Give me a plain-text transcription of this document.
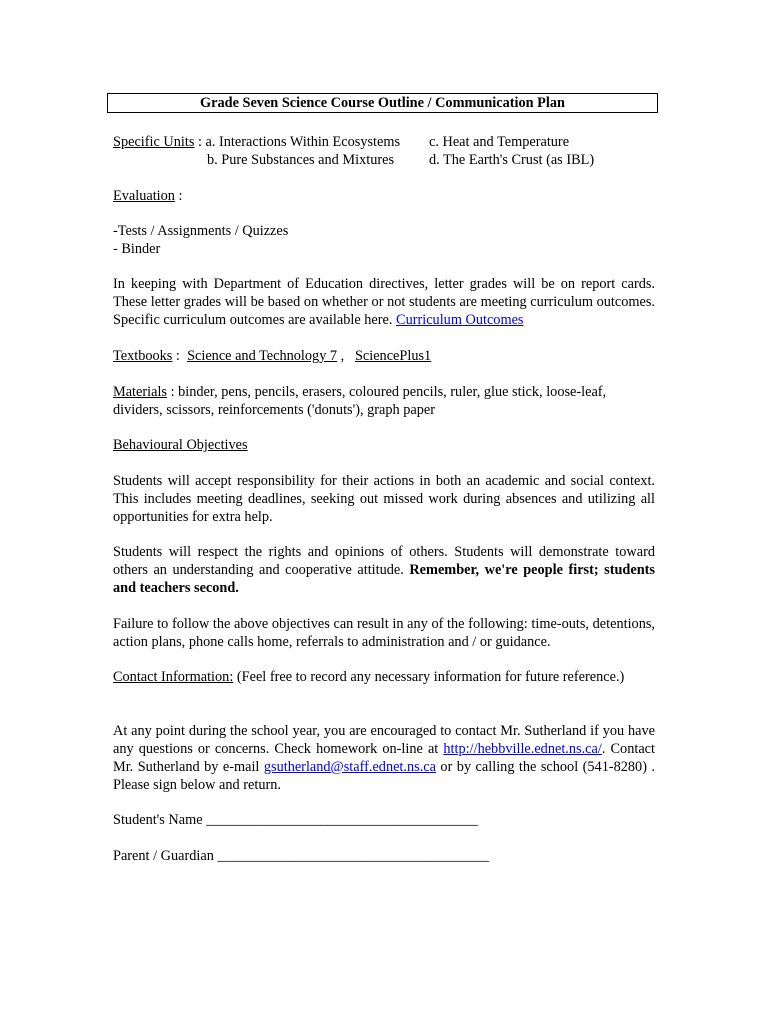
Grade Seven Science Course Outline / Communication Plan
Specific Units : a. Interactions Within Ecosystems c. Heat and Temperature
b. Pure Substances and Mixtures d. The Earth's Crust (as IBL)
Evaluation :
-Tests / Assignments / Quizzes
- Binder
In keeping with Department of Education directives, letter grades will be on report cards. These letter grades will be based on whether or not students are meeting curriculum outcomes. Specific curriculum outcomes are available here. Curriculum Outcomes
Textbooks :  Science and Technology 7 ,   SciencePlus1
Materials : binder, pens, pencils, erasers, coloured pencils, ruler, glue stick, loose-leaf, dividers, scissors, reinforcements ('donuts'), graph paper
Behavioural Objectives
Students will accept responsibility for their actions in both an academic and social context. This includes meeting deadlines, seeking out missed work during absences and utilizing all opportunities for extra help.
Students will respect the rights and opinions of others. Students will demonstrate toward others an understanding and cooperative attitude. Remember, we're people first; students and teachers second.
Failure to follow the above objectives can result in any of the following: time-outs, detentions, action plans, phone calls home, referrals to administration and / or guidance.
Contact Information: (Feel free to record any necessary information for future reference.)
At any point during the school year, you are encouraged to contact Mr. Sutherland if you have any questions or concerns. Check homework on-line at http://hebbville.ednet.ns.ca/. Contact Mr. Sutherland by e-mail gsutherland@staff.ednet.ns.ca or by calling the school (541-8280) . Please sign below and return.
Student's Name ______________________________________
Parent / Guardian ______________________________________
